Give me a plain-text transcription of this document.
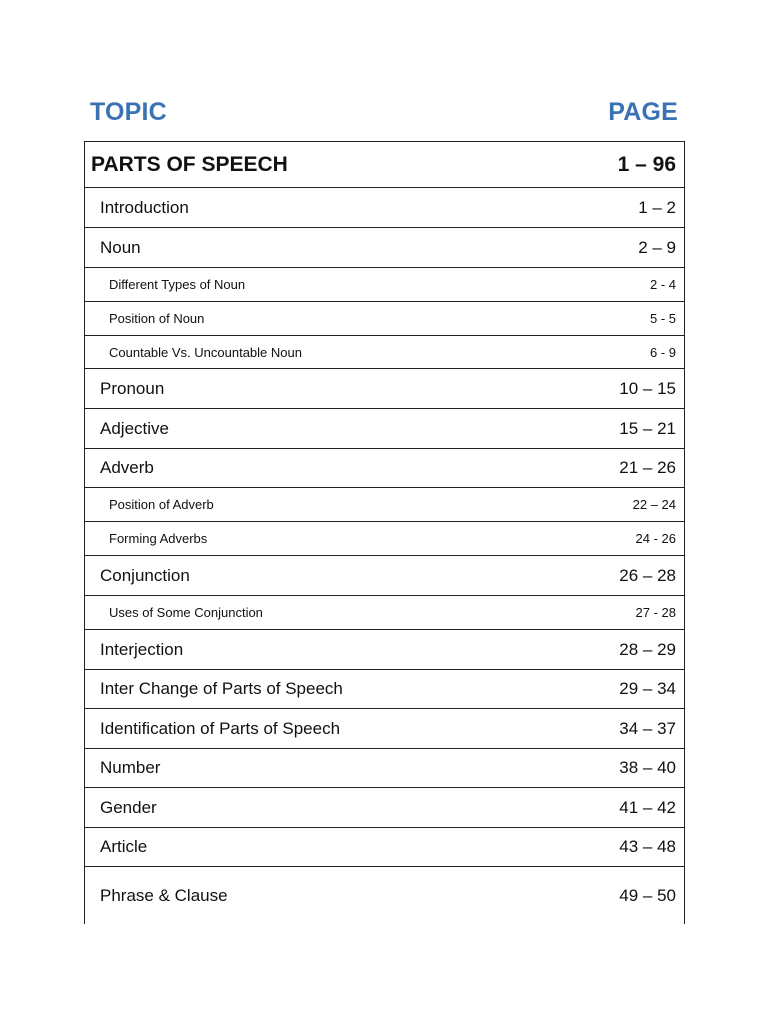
TOPIC	PAGE
PARTS OF SPEECH	1 – 96
Introduction	1 – 2
Noun	2 – 9
Different Types of Noun	2 - 4
Position of Noun	5 - 5
Countable Vs. Uncountable Noun	6 - 9
Pronoun	10 – 15
Adjective	15 – 21
Adverb	21 – 26
Position of Adverb	22 – 24
Forming Adverbs	24 - 26
Conjunction	26 – 28
Uses of Some Conjunction	27 - 28
Interjection	28 – 29
Inter Change of Parts of Speech	29 – 34
Identification of Parts of Speech	34 – 37
Number	38 – 40
Gender	41 – 42
Article	43 – 48
Phrase & Clause	49 – 50
